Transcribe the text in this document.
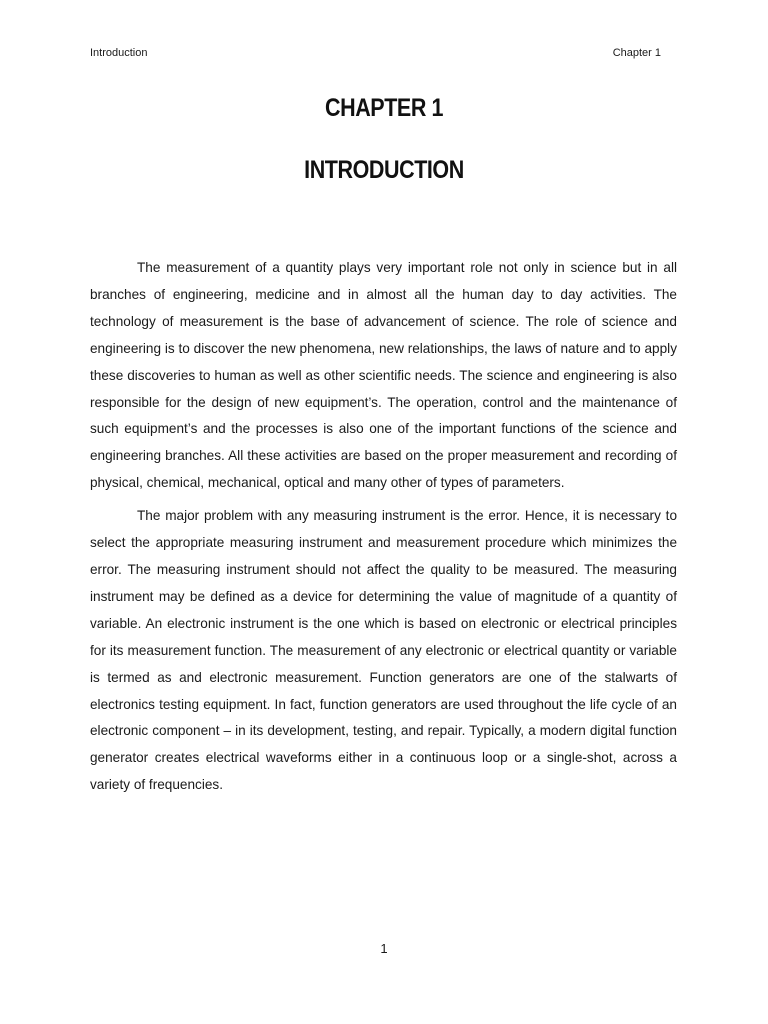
Introduction	Chapter 1
CHAPTER 1
INTRODUCTION

The measurement of a quantity plays very important role not only in science but in all branches of engineering, medicine and in almost all the human day to day activities. The technology of measurement is the base of advancement of science. The role of science and engineering is to discover the new phenomena, new relationships, the laws of nature and to apply these discoveries to human as well as other scientific needs. The science and engineering is also responsible for the design of new equipment’s. The operation, control and the maintenance of such equipment’s and the processes is also one of the important functions of the science and engineering branches. All these activities are based on the proper measurement and recording of physical, chemical, mechanical, optical and many other of types of parameters.

The major problem with any measuring instrument is the error. Hence, it is necessary to select the appropriate measuring instrument and measurement procedure which minimizes the error. The measuring instrument should not affect the quality to be measured. The measuring instrument may be defined as a device for determining the value of magnitude of a quantity of variable. An electronic instrument is the one which is based on electronic or electrical principles for its measurement function. The measurement of any electronic or electrical quantity or variable is termed as and electronic measurement. Function generators are one of the stalwarts of electronics testing equipment. In fact, function generators are used throughout the life cycle of an electronic component – in its development, testing, and repair. Typically, a modern digital function generator creates electrical waveforms either in a continuous loop or a single-shot, across a variety of frequencies.

1
